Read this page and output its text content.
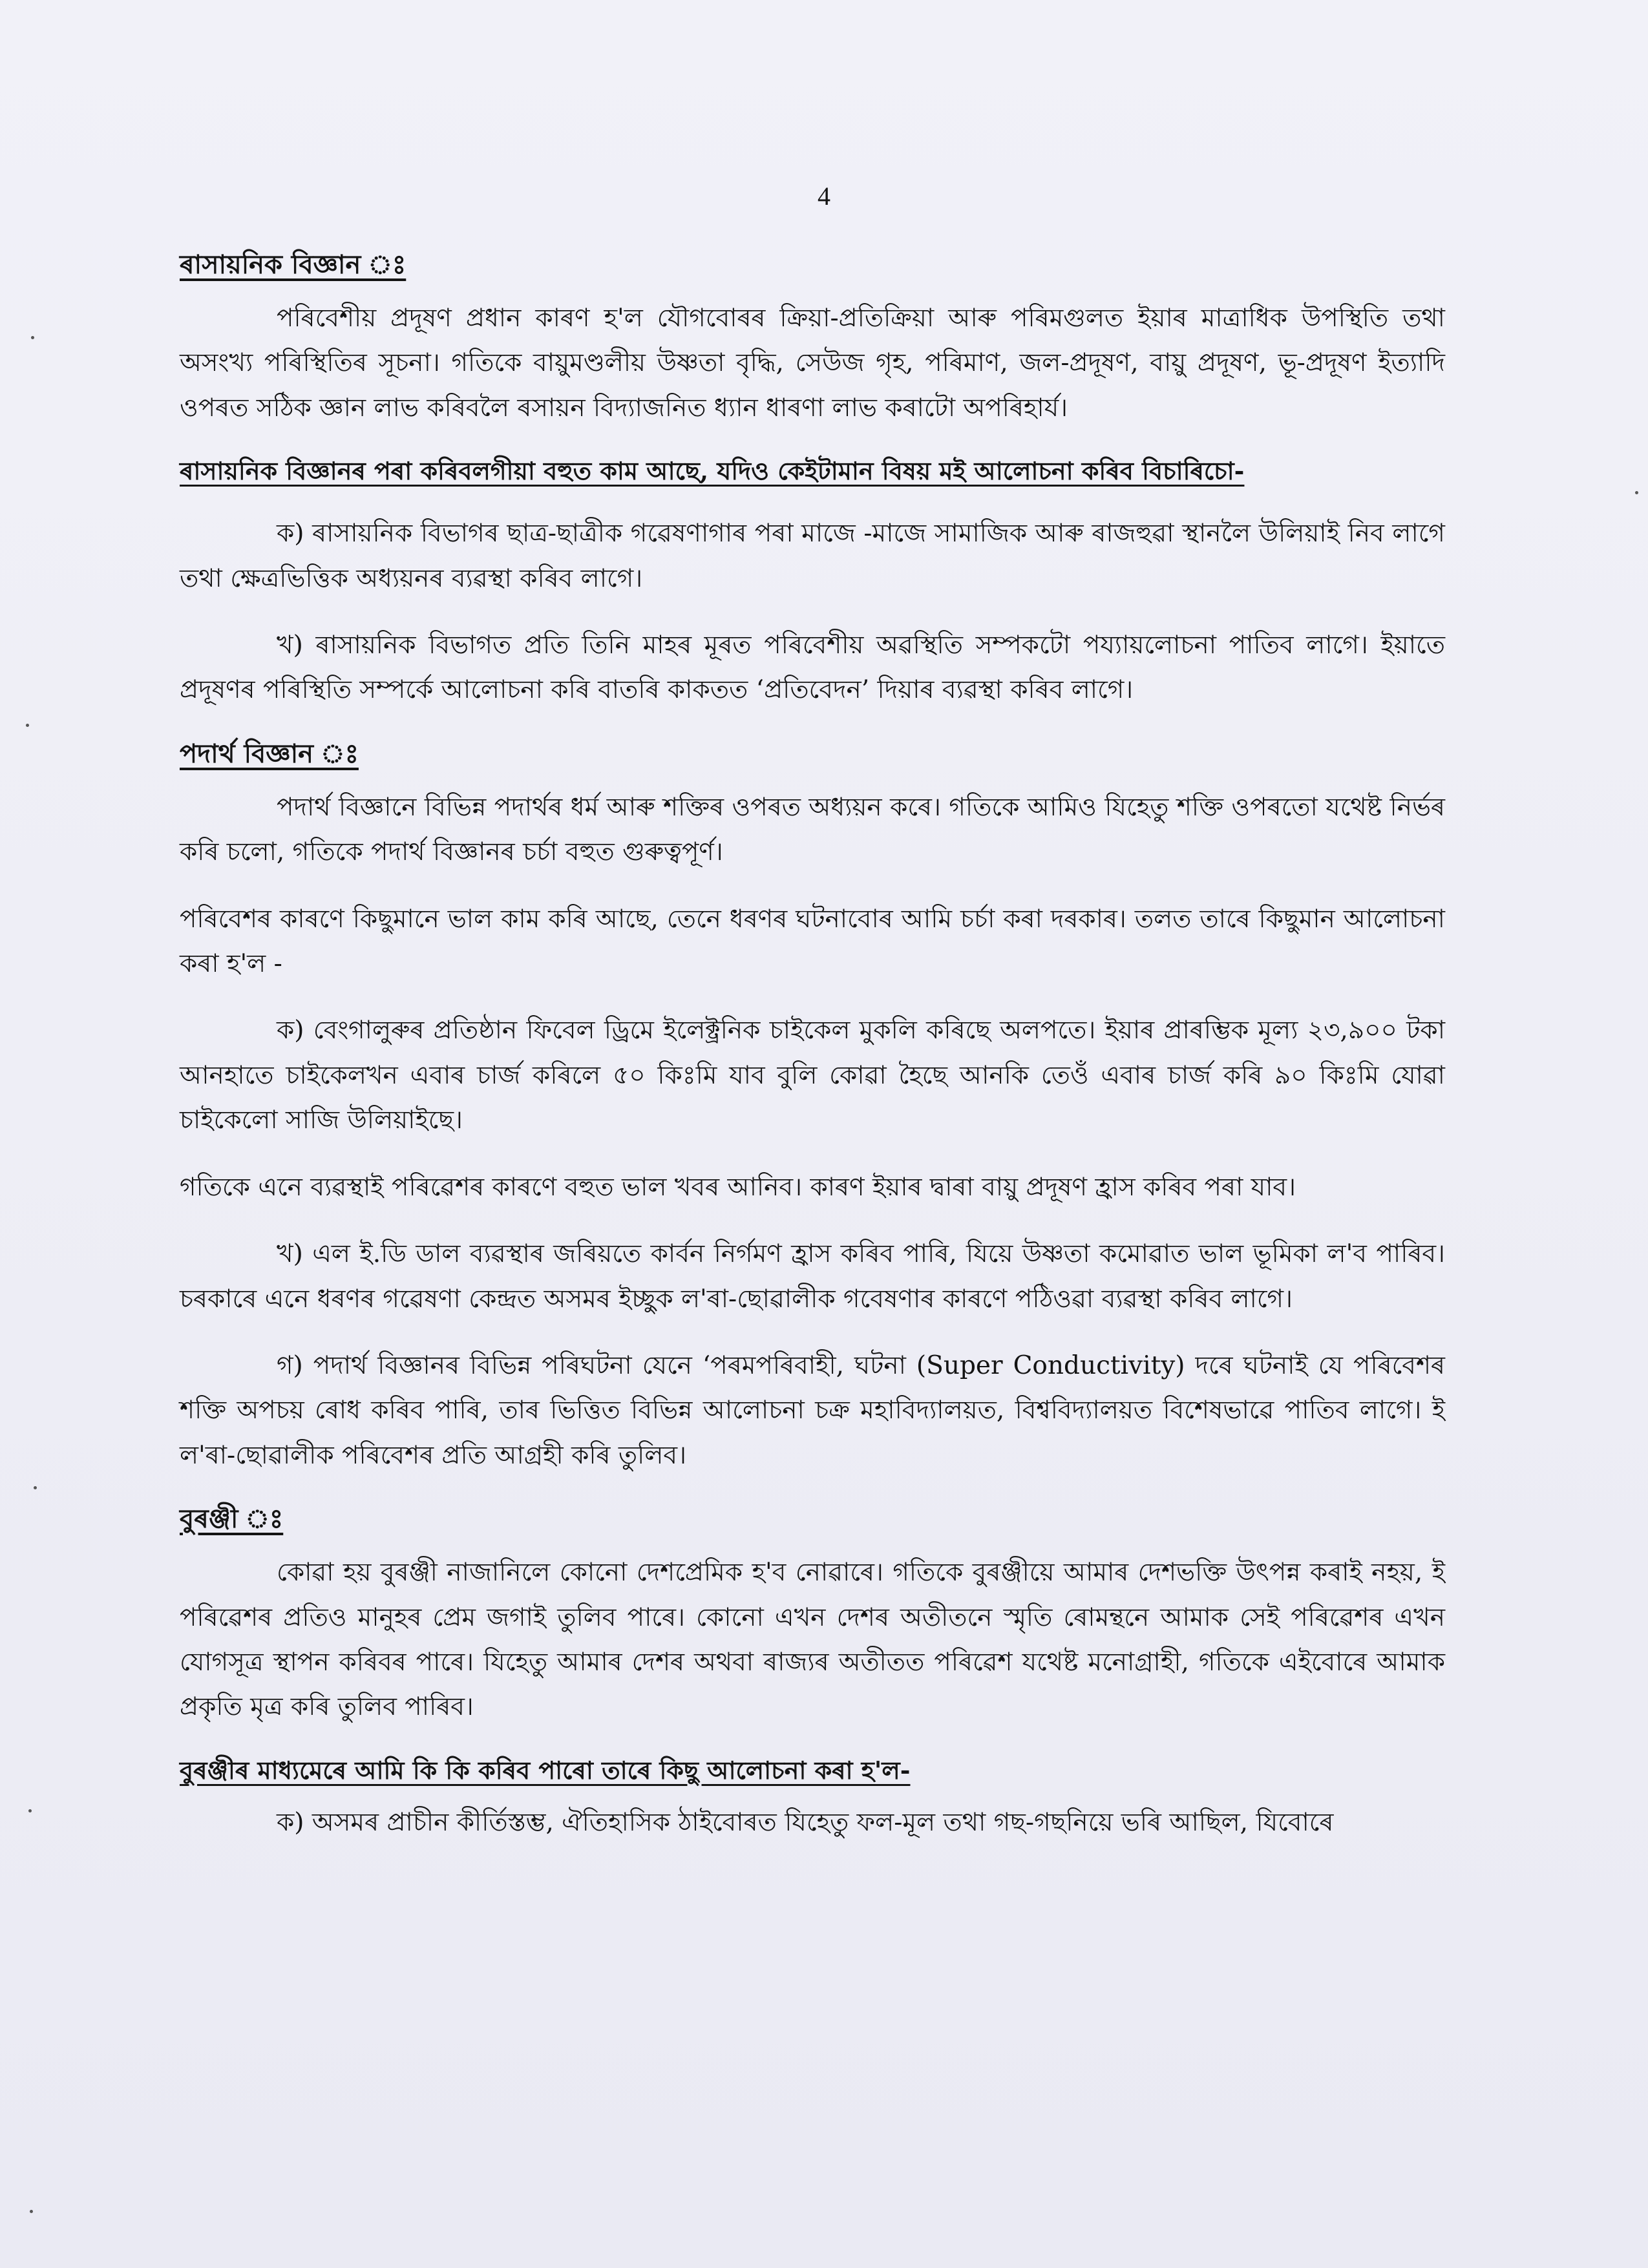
4
ৰাসায়নিক বিজ্ঞান ঃ

পৰিবেশীয় প্ৰদূষণ প্ৰধান কাৰণ হ'ল যৌগবোৰৰ ক্ৰিয়া-প্ৰতিক্ৰিয়া আৰু পৰিমগুলত ইয়াৰ মাত্ৰাধিক উপস্থিতি তথা অসংখ্য পৰিস্থিতিৰ সূচনা। গতিকে বায়ুমণ্ডলীয় উষ্ণতা বৃদ্ধি, সেউজ গৃহ, পৰিমাণ, জল-প্ৰদূষণ, বায়ু প্ৰদূষণ, ভূ-প্ৰদূষণ ইত্যাদি ওপৰত সঠিক জ্ঞান লাভ কৰিবলৈ ৰসায়ন বিদ্যাজনিত ধ্যান ধাৰণা লাভ কৰাটো অপৰিহাৰ্য।

ৰাসায়নিক বিজ্ঞানৰ পৰা কৰিবলগীয়া বহুত কাম আছে, যদিও কেইটামান বিষয় মই আলোচনা কৰিব বিচাৰিচো-

ক) ৰাসায়নিক বিভাগৰ ছাত্ৰ-ছাত্ৰীক গৱেষণাগাৰ পৰা মাজে -মাজে সামাজিক আৰু ৰাজহুৱা স্থানলৈ উলিয়াই নিব লাগে তথা ক্ষেত্ৰভিত্তিক অধ্যয়নৰ ব্যৱস্থা কৰিব লাগে।

খ) ৰাসায়নিক বিভাগত প্ৰতি তিনি মাহৰ মূৰত পৰিবেশীয় অৱস্থিতি সম্পকটো পয্যায়লোচনা পাতিব লাগে। ইয়াতে প্ৰদূষণৰ পৰিস্থিতি সম্পৰ্কে আলোচনা কৰি বাতৰি কাকতত ‘প্ৰতিবেদন’ দিয়াৰ ব্যৱস্থা কৰিব লাগে।

পদাৰ্থ বিজ্ঞান ঃ

পদাৰ্থ বিজ্ঞানে বিভিন্ন পদাৰ্থৰ ধৰ্ম আৰু শক্তিৰ ওপৰত অধ্যয়ন কৰে। গতিকে আমিও যিহেতু শক্তি ওপৰতো যথেষ্ট নিৰ্ভৰ কৰি চলো, গতিকে পদাৰ্থ বিজ্ঞানৰ চৰ্চা বহুত গুৰুত্বপূৰ্ণ।

পৰিবেশৰ কাৰণে কিছুমানে ভাল কাম কৰি আছে, তেনে ধৰণৰ ঘটনাবোৰ আমি চৰ্চা কৰা দৰকাৰ। তলত তাৰে কিছুমান আলোচনা কৰা হ'ল -

ক) বেংগালুৰুৰ প্ৰতিষ্ঠান ফিবেল ড্ৰিমে ইলেক্ট্ৰনিক চাইকেল মুকলি কৰিছে অলপতে। ইয়াৰ প্ৰাৰম্ভিক মূল্য ২৩,৯০০ টকা আনহাতে চাইকেলখন এবাৰ চাৰ্জ কৰিলে ৫০ কিঃমি যাব বুলি কোৱা হৈছে আনকি তেওঁ এবাৰ চাৰ্জ কৰি ৯০ কিঃমি যোৱা চাইকেলো সাজি উলিয়াইছে।

গতিকে এনে ব্যৱস্থাই পৰিৱেশৰ কাৰণে বহুত ভাল খবৰ আনিব। কাৰণ ইয়াৰ দ্বাৰা বায়ু প্ৰদূষণ হ্ৰাস কৰিব পৰা যাব।

খ) এল ই.ডি ডাল ব্যৱস্থাৰ জৰিয়তে কাৰ্বন নিৰ্গমণ হ্ৰাস কৰিব পাৰি, যিয়ে উষ্ণতা কমোৱাত ভাল ভূমিকা ল'ব পাৰিব। চৰকাৰে এনে ধৰণৰ গৱেষণা কেন্দ্ৰত অসমৰ ইচ্ছুক ল'ৰা-ছোৱালীক গবেষণাৰ কাৰণে পঠিওৱা ব্যৱস্থা কৰিব লাগে।

গ) পদাৰ্থ বিজ্ঞানৰ বিভিন্ন পৰিঘটনা যেনে ‘পৰমপৰিবাহী, ঘটনা (Super Conductivity) দৰে ঘটনাই যে পৰিবেশৰ শক্তি অপচয় ৰোধ কৰিব পাৰি, তাৰ ভিত্তিত বিভিন্ন আলোচনা চক্ৰ মহাবিদ্যালয়ত, বিশ্ববিদ্যালয়ত বিশেষভাৱে পাতিব লাগে। ই ল'ৰা-ছোৱালীক পৰিবেশৰ প্ৰতি আগ্ৰহী কৰি তুলিব।

বুৰঞ্জী ঃ

কোৱা হয় বুৰঞ্জী নাজানিলে কোনো দেশপ্ৰেমিক হ'ব নোৱাৰে। গতিকে বুৰঞ্জীয়ে আমাৰ দেশভক্তি উৎপন্ন কৰাই নহয়, ই পৰিৱেশৰ প্ৰতিও মানুহৰ প্ৰেম জগাই তুলিব পাৰে। কোনো এখন দেশৰ অতীতনে স্মৃতি ৰোমন্থনে আমাক সেই পৰিৱেশৰ এখন যোগসূত্ৰ স্থাপন কৰিবৰ পাৰে। যিহেতু আমাৰ দেশৰ অথবা ৰাজ্যৰ অতীতত পৰিৱেশ যথেষ্ট মনোগ্ৰাহী, গতিকে এইবোৰে আমাক প্ৰকৃতি মৃত্ৰ কৰি তুলিব পাৰিব।

বুৰঞ্জীৰ মাধ্যমেৰে আমি কি কি কৰিব পাৰো তাৰে কিছু আলোচনা কৰা হ'ল-

ক) অসমৰ প্ৰাচীন কীৰ্তিস্তম্ভ, ঐতিহাসিক ঠাইবোৰত যিহেতু ফল-মূল তথা গছ-গছনিয়ে ভৰি আছিল, যিবোৰে
